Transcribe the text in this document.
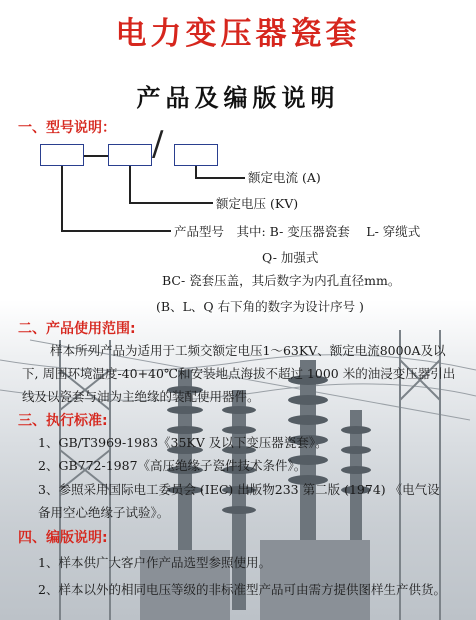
电力变压器瓷套
产品及编版说明
一、型号说明： /
额定电流 (A)
额定电压 (KV)
产品型号　其中: B- 变压器瓷套　 L- 穿缆式
Q- 加强式
BC- 瓷套压盖，其后数字为内孔直径mm。
(B、L、Q 右下角的数字为设计序号 )
二、产品使用范围:
样本所列产品为适用于工频交额定电压1～63KV、额定电流8000A及以
下, 周围环境温度-40+40℃和安装地点海拔不超过 1000 米的油浸变压器引出
线及以瓷套与油为主绝缘的装配使用器件。
三、执行标准:
1、GB/T3969-1983《35KV 及以下变压器瓷套》。
2、GB772-1987《高压绝缘子瓷件技术条件》。
3、参照采用国际电工委员会 (IEC) 出版物233 第二版 (1974) 《电气设
备用空心绝缘子试验》。
四、编版说明:
1、样本供广大客户作产品选型参照使用。
2、样本以外的相同电压等级的非标准型产品可由需方提供图样生产供货。
